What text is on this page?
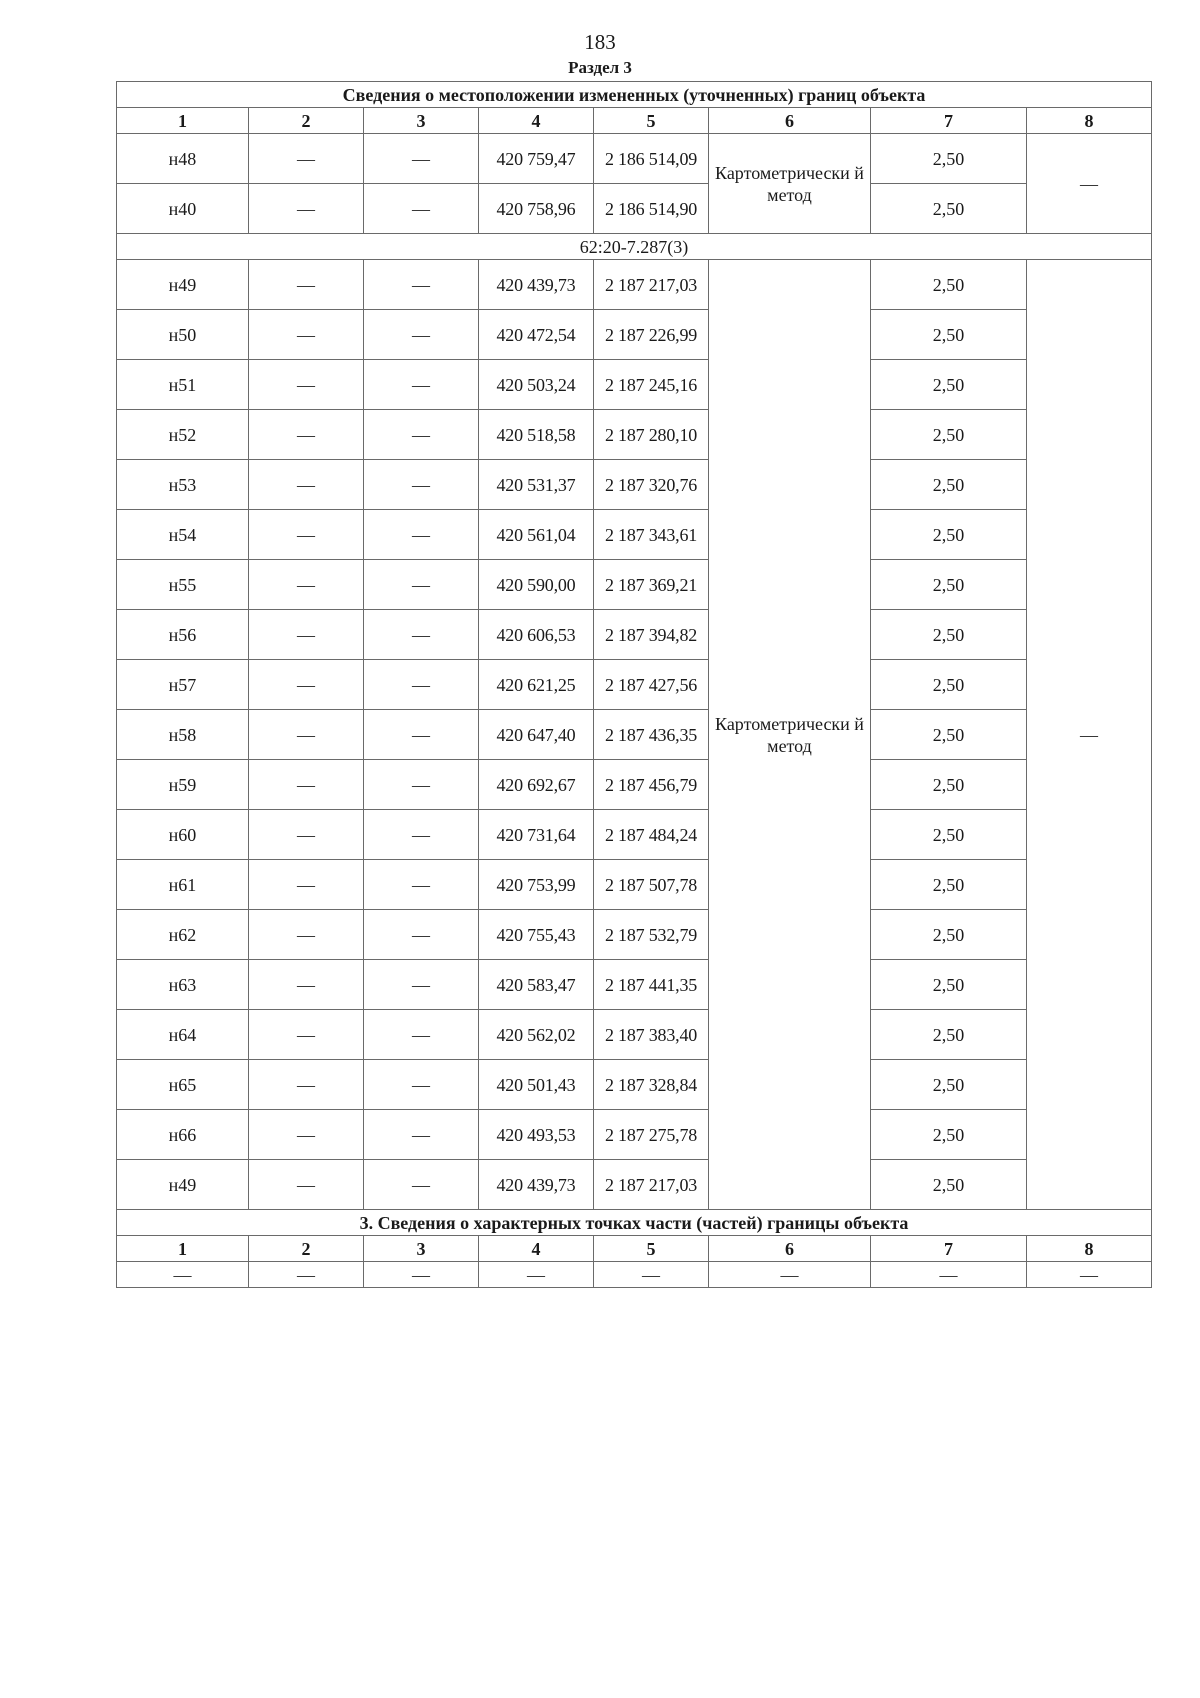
183
Раздел 3
Сведения о местоположении измененных (уточненных) границ объекта							
1	2	3	4	5	6	7	8
н48	—	—	420 759,47	2 186 514,09	Картометрически й метод	2,50	—
н40	—	—	420 758,96	2 186 514,90		2,50	
62:20-7.287(3)							
н49	—	—	420 439,73	2 187 217,03	Картометрически й метод	2,50	—
н50	—	—	420 472,54	2 187 226,99		2,50	
н51	—	—	420 503,24	2 187 245,16		2,50	
н52	—	—	420 518,58	2 187 280,10		2,50	
н53	—	—	420 531,37	2 187 320,76		2,50	
н54	—	—	420 561,04	2 187 343,61		2,50	
н55	—	—	420 590,00	2 187 369,21		2,50	
н56	—	—	420 606,53	2 187 394,82		2,50	
н57	—	—	420 621,25	2 187 427,56		2,50	
н58	—	—	420 647,40	2 187 436,35		2,50	
н59	—	—	420 692,67	2 187 456,79		2,50	
н60	—	—	420 731,64	2 187 484,24		2,50	
н61	—	—	420 753,99	2 187 507,78		2,50	
н62	—	—	420 755,43	2 187 532,79		2,50	
н63	—	—	420 583,47	2 187 441,35		2,50	
н64	—	—	420 562,02	2 187 383,40		2,50	
н65	—	—	420 501,43	2 187 328,84		2,50	
н66	—	—	420 493,53	2 187 275,78		2,50	
н49	—	—	420 439,73	2 187 217,03		2,50	
3. Сведения о характерных точках части (частей) границы объекта							
1	2	3	4	5	6	7	8
—	—	—	—	—	—	—	—
